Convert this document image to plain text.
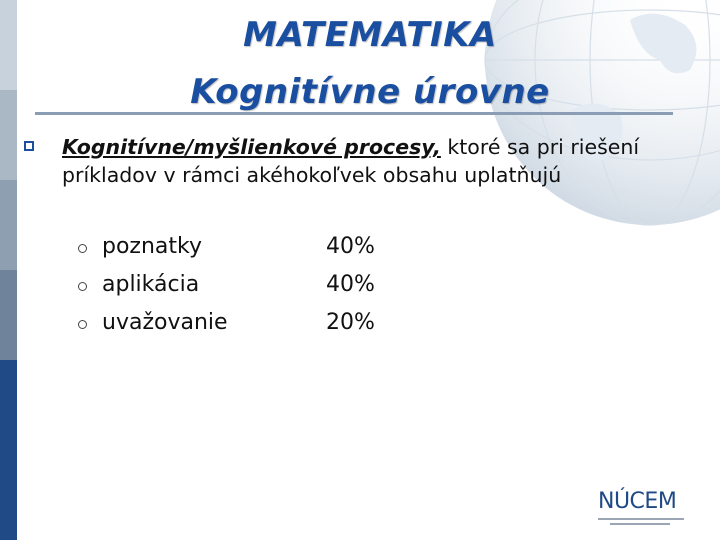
MATEMATIKA
Kognitívne úrovne
Kognitívne/myšlienkové procesy, ktoré sa pri riešení príkladov v rámci akéhokoľvek obsahu uplatňujú
poznatky	40%
aplikácia	40%
uvažovanie	20%
NÚCEM
